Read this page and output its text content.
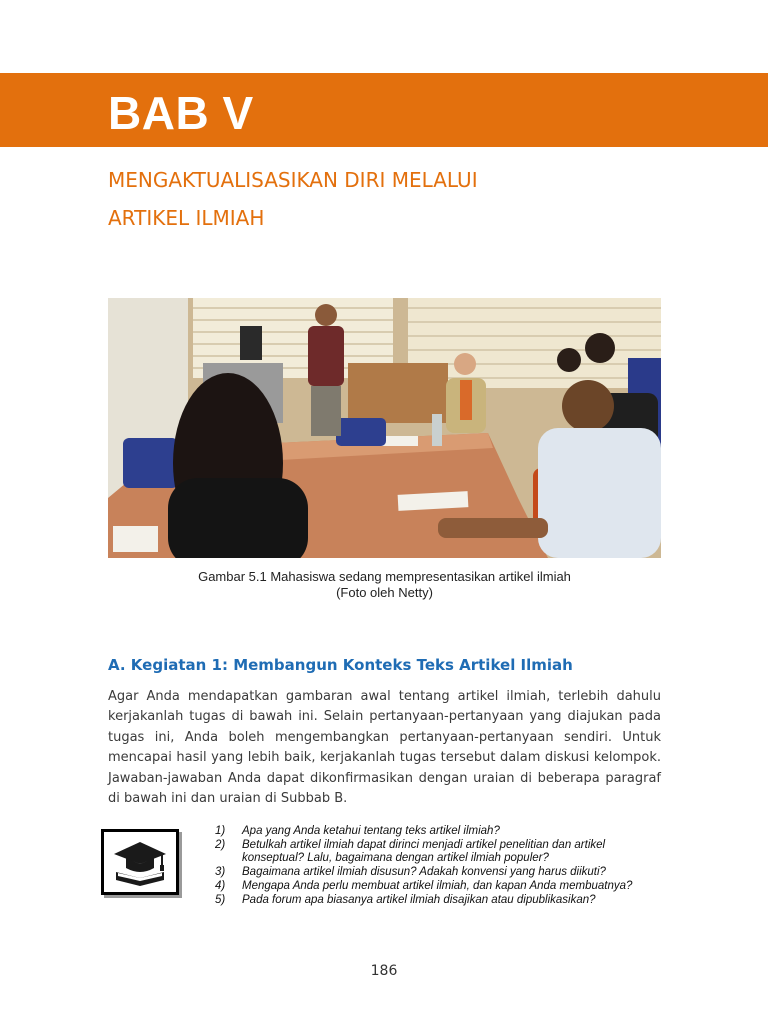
BAB V
MENGAKTUALISASIKAN DIRI MELALUI
ARTIKEL ILMIAH
Gambar 5.1 Mahasiswa sedang mempresentasikan artikel ilmiah
(Foto oleh Netty)
A. Kegiatan 1: Membangun Konteks Teks Artikel Ilmiah
Agar Anda mendapatkan gambaran awal tentang artikel ilmiah, terlebih dahulu kerjakanlah tugas di bawah ini. Selain pertanyaan-pertanyaan yang diajukan pada tugas ini, Anda boleh mengembangkan pertanyaan-pertanyaan sendiri. Untuk mencapai hasil yang lebih baik, kerjakanlah tugas tersebut dalam diskusi kelompok. Jawaban-jawaban Anda dapat dikonfirmasikan dengan uraian di beberapa paragraf di bawah ini dan uraian di Subbab B.
1) Apa yang Anda ketahui tentang teks artikel ilmiah?
2) Betulkah artikel ilmiah dapat dirinci menjadi artikel penelitian dan artikel konseptual? Lalu, bagaimana dengan artikel ilmiah populer?
3) Bagaimana artikel ilmiah disusun? Adakah konvensi yang harus diikuti?
4) Mengapa Anda perlu membuat artikel ilmiah, dan kapan Anda membuatnya?
5) Pada forum apa biasanya artikel ilmiah disajikan atau dipublikasikan?
186
